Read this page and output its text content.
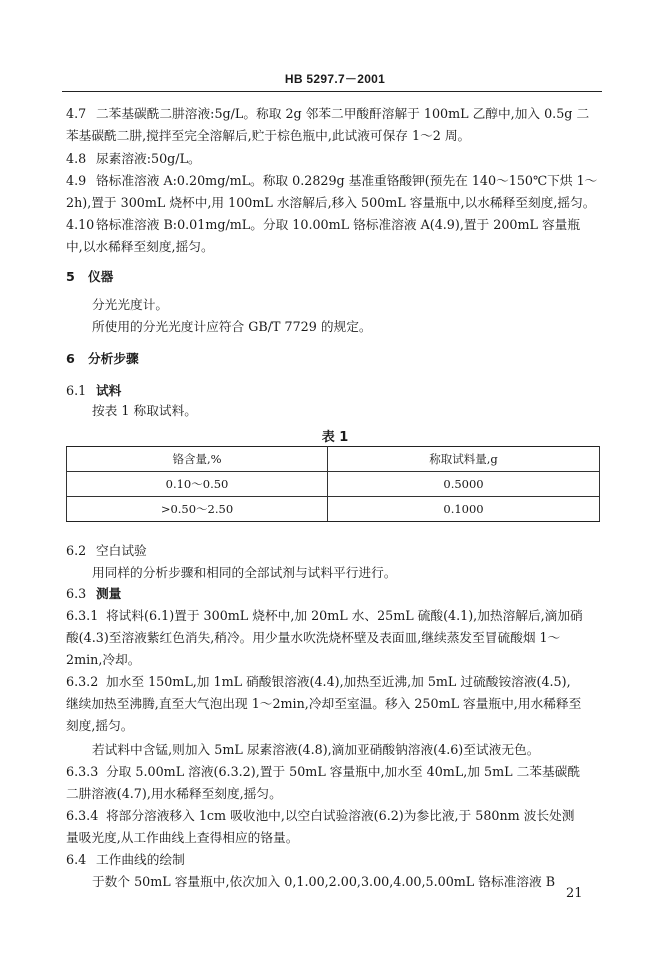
HB 5297.7－2001
4.7 二苯基碳酰二肼溶液:5g/L。称取 2g 邻苯二甲酸酐溶解于 100mL 乙醇中,加入 0.5g 二
苯基碳酰二肼,搅拌至完全溶解后,贮于棕色瓶中,此试液可保存 1～2 周。
4.8 尿素溶液:50g/L。
4.9 铬标准溶液 A:0.20mg/mL。称取 0.2829g 基准重铬酸钾(预先在 140～150℃下烘 1～
2h),置于 300mL 烧杯中,用 100mL 水溶解后,移入 500mL 容量瓶中,以水稀释至刻度,摇匀。
4.10 铬标准溶液 B:0.01mg/mL。分取 10.00mL 铬标准溶液 A(4.9),置于 200mL 容量瓶
中,以水稀释至刻度,摇匀。
5 仪器
分光光度计。
所使用的分光光度计应符合 GB/T 7729 的规定。
6 分析步骤
6.1 试料
按表 1 称取试料。
表 1
铬含量,%	称取试料量,g
0.10～0.50	0.5000
>0.50～2.50	0.1000
6.2 空白试验
用同样的分析步骤和相同的全部试剂与试料平行进行。
6.3 测量
6.3.1 将试料(6.1)置于 300mL 烧杯中,加 20mL 水、25mL 硫酸(4.1),加热溶解后,滴加硝
酸(4.3)至溶液紫红色消失,稍冷。用少量水吹洗烧杯壁及表面皿,继续蒸发至冒硫酸烟 1～
2min,冷却。
6.3.2 加水至 150mL,加 1mL 硝酸银溶液(4.4),加热至近沸,加 5mL 过硫酸铵溶液(4.5),
继续加热至沸腾,直至大气泡出现 1～2min,冷却至室温。移入 250mL 容量瓶中,用水稀释至
刻度,摇匀。
若试料中含锰,则加入 5mL 尿素溶液(4.8),滴加亚硝酸钠溶液(4.6)至试液无色。
6.3.3 分取 5.00mL 溶液(6.3.2),置于 50mL 容量瓶中,加水至 40mL,加 5mL 二苯基碳酰
二肼溶液(4.7),用水稀释至刻度,摇匀。
6.3.4 将部分溶液移入 1cm 吸收池中,以空白试验溶液(6.2)为参比液,于 580nm 波长处测
量吸光度,从工作曲线上查得相应的铬量。
6.4 工作曲线的绘制
于数个 50mL 容量瓶中,依次加入 0,1.00,2.00,3.00,4.00,5.00mL 铬标准溶液 B
21
